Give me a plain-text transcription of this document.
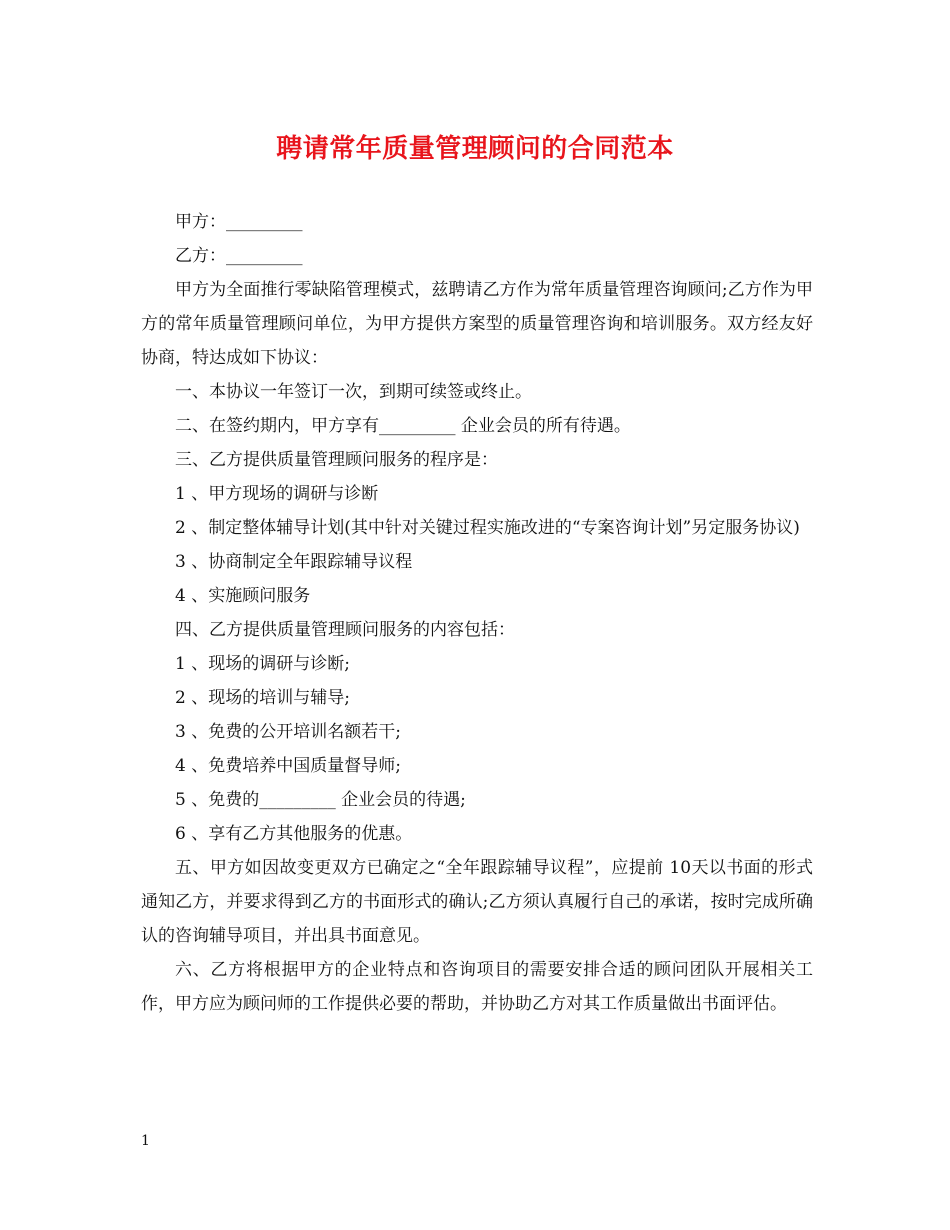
聘请常年质量管理顾问的合同范本

甲方：_________

乙方：_________

甲方为全面推行零缺陷管理模式，兹聘请乙方作为常年质量管理咨询顾问;乙方作为甲方的常年质量管理顾问单位，为甲方提供方案型的质量管理咨询和培训服务。双方经友好协商，特达成如下协议：

一、本协议一年签订一次，到期可续签或终止。

二、在签约期内，甲方享有_________ 企业会员的所有待遇。

三、乙方提供质量管理顾问服务的程序是：

1 、甲方现场的调研与诊断

2 、制定整体辅导计划(其中针对关键过程实施改进的“专案咨询计划”另定服务协议)

3 、协商制定全年跟踪辅导议程

4 、实施顾问服务

四、乙方提供质量管理顾问服务的内容包括：

1 、现场的调研与诊断;

2 、现场的培训与辅导;

3 、免费的公开培训名额若干;

4 、免费培养中国质量督导师;

5 、免费的_________ 企业会员的待遇;

6 、享有乙方其他服务的优惠。

五、甲方如因故变更双方已确定之“全年跟踪辅导议程”，应提前 10天以书面的形式通知乙方，并要求得到乙方的书面形式的确认;乙方须认真履行自己的承诺，按时完成所确认的咨询辅导项目，并出具书面意见。

六、乙方将根据甲方的企业特点和咨询项目的需要安排合适的顾问团队开展相关工作，甲方应为顾问师的工作提供必要的帮助，并协助乙方对其工作质量做出书面评估。

1
